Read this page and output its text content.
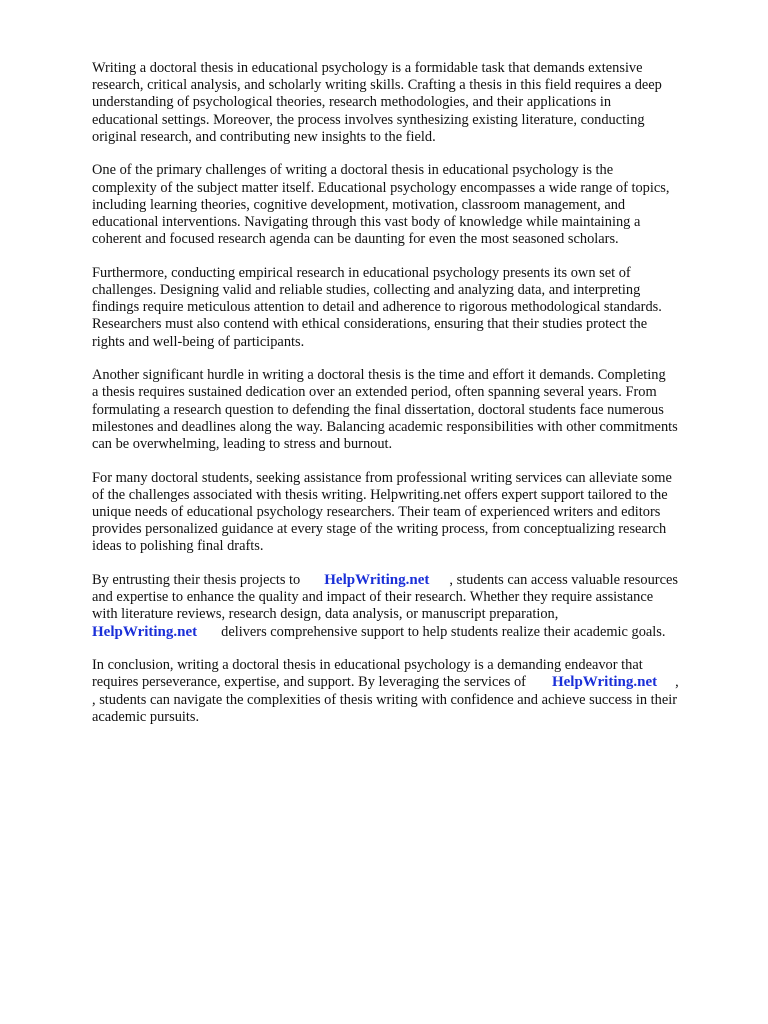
Writing a doctoral thesis in educational psychology is a formidable task that demands extensive
research, critical analysis, and scholarly writing skills. Crafting a thesis in this field requires a deep
understanding of psychological theories, research methodologies, and their applications in
educational settings. Moreover, the process involves synthesizing existing literature, conducting
original research, and contributing new insights to the field.

One of the primary challenges of writing a doctoral thesis in educational psychology is the
complexity of the subject matter itself. Educational psychology encompasses a wide range of topics,
including learning theories, cognitive development, motivation, classroom management, and
educational interventions. Navigating through this vast body of knowledge while maintaining a
coherent and focused research agenda can be daunting for even the most seasoned scholars.

Furthermore, conducting empirical research in educational psychology presents its own set of
challenges. Designing valid and reliable studies, collecting and analyzing data, and interpreting
findings require meticulous attention to detail and adherence to rigorous methodological standards.
Researchers must also contend with ethical considerations, ensuring that their studies protect the
rights and well-being of participants.

Another significant hurdle in writing a doctoral thesis is the time and effort it demands. Completing
a thesis requires sustained dedication over an extended period, often spanning several years. From
formulating a research question to defending the final dissertation, doctoral students face numerous
milestones and deadlines along the way. Balancing academic responsibilities with other commitments
can be overwhelming, leading to stress and burnout.

For many doctoral students, seeking assistance from professional writing services can alleviate some
of the challenges associated with thesis writing. Helpwriting.net offers expert support tailored to the
unique needs of educational psychology researchers. Their team of experienced writers and editors
provides personalized guidance at every stage of the writing process, from conceptualizing research
ideas to polishing final drafts.

By entrusting their thesis projects to HelpWriting.net , students can access valuable resources
and expertise to enhance the quality and impact of their research. Whether they require assistance
with literature reviews, research design, data analysis, or manuscript preparation,
HelpWriting.net delivers comprehensive support to help students realize their academic goals.

In conclusion, writing a doctoral thesis in educational psychology is a demanding endeavor that
requires perseverance, expertise, and support. By leveraging the services of HelpWriting.net ,
, students can navigate the complexities of thesis writing with confidence and achieve success in their
academic pursuits.
